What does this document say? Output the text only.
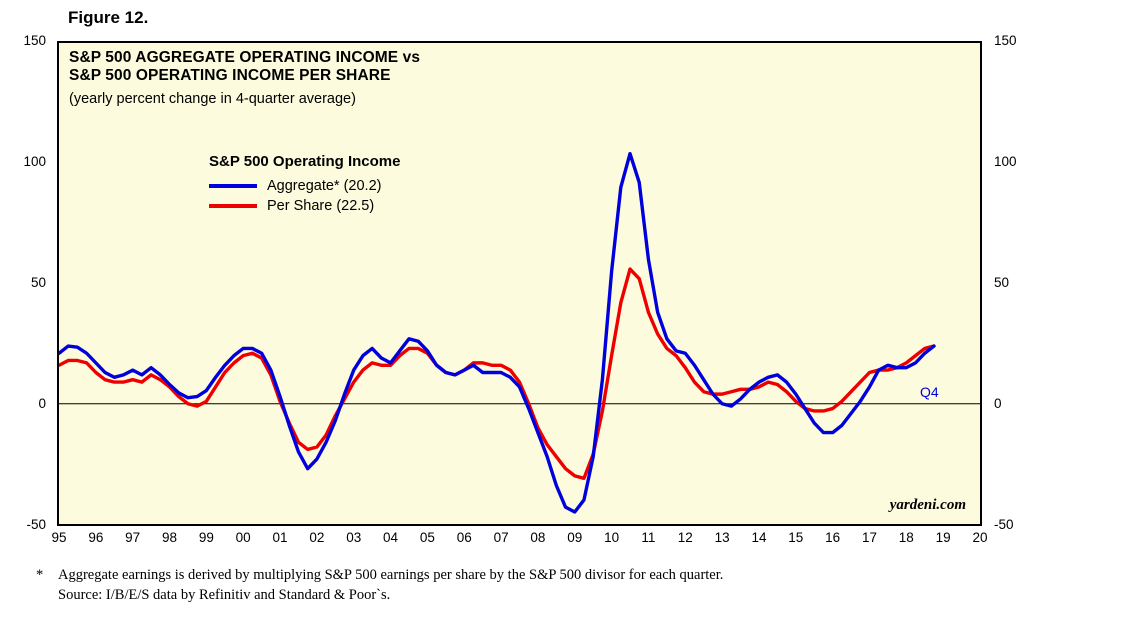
Figure 12.
150
100
50
0
-50
150
100
50
0
-50
S&P 500 AGGREGATE OPERATING INCOME vs
S&P 500 OPERATING INCOME PER SHARE
(yearly percent change in 4-quarter average)
S&P 500 Operating Income
Aggregate* (20.2)
Per Share (22.5)
Q4
yardeni.com
95	96	97	98	99	00	01	02	03	04	05	06	07	08	09	10	11	12	13	14	15	16	17	18	19	20
*	Aggregate earnings is derived by multiplying S&P 500 earnings per share by the S&P 500 divisor for each quarter.
Source: I/B/E/S data by Refinitiv and Standard & Poor`s.
